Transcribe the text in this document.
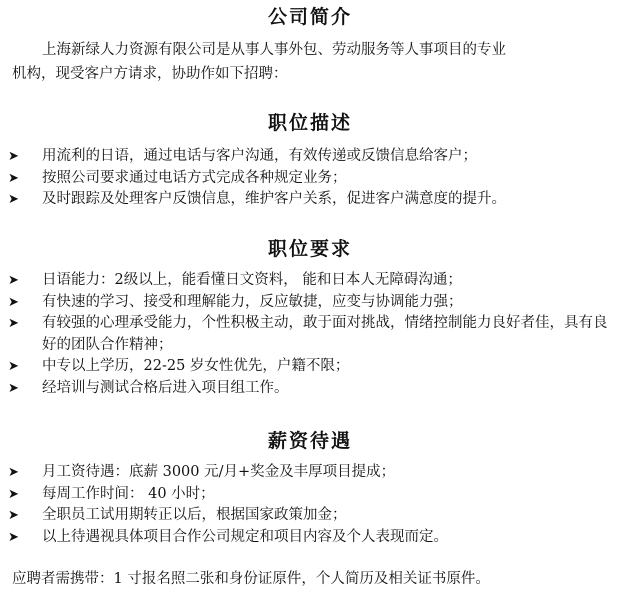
公司简介
上海新绿人力资源有限公司是从事人事外包、劳动服务等人事项目的专业
机构，现受客户方请求，协助作如下招聘：
职位描述
➤ 用流利的日语，通过电话与客户沟通，有效传递或反馈信息给客户；
➤ 按照公司要求通过电话方式完成各种规定业务；
➤ 及时跟踪及处理客户反馈信息，维护客户关系，促进客户满意度的提升。
职位要求
➤ 日语能力：2级以上，能看懂日文资料， 能和日本人无障碍沟通；
➤ 有快速的学习、接受和理解能力，反应敏捷，应变与协调能力强；
➤ 有较强的心理承受能力，个性积极主动，敢于面对挑战，情绪控制能力良好者佳，具有良好的团队合作精神；
➤ 中专以上学历，22-25 岁女性优先，户籍不限；
➤ 经培训与测试合格后进入项目组工作。
薪资待遇
➤ 月工资待遇：底薪 3000 元/月+奖金及丰厚项目提成；
➤ 每周工作时间： 40 小时；
➤ 全职员工试用期转正以后，根据国家政策加金；
➤ 以上待遇视具体项目合作公司规定和项目内容及个人表现而定。

应聘者需携带：1 寸报名照二张和身份证原件，个人简历及相关证书原件。
